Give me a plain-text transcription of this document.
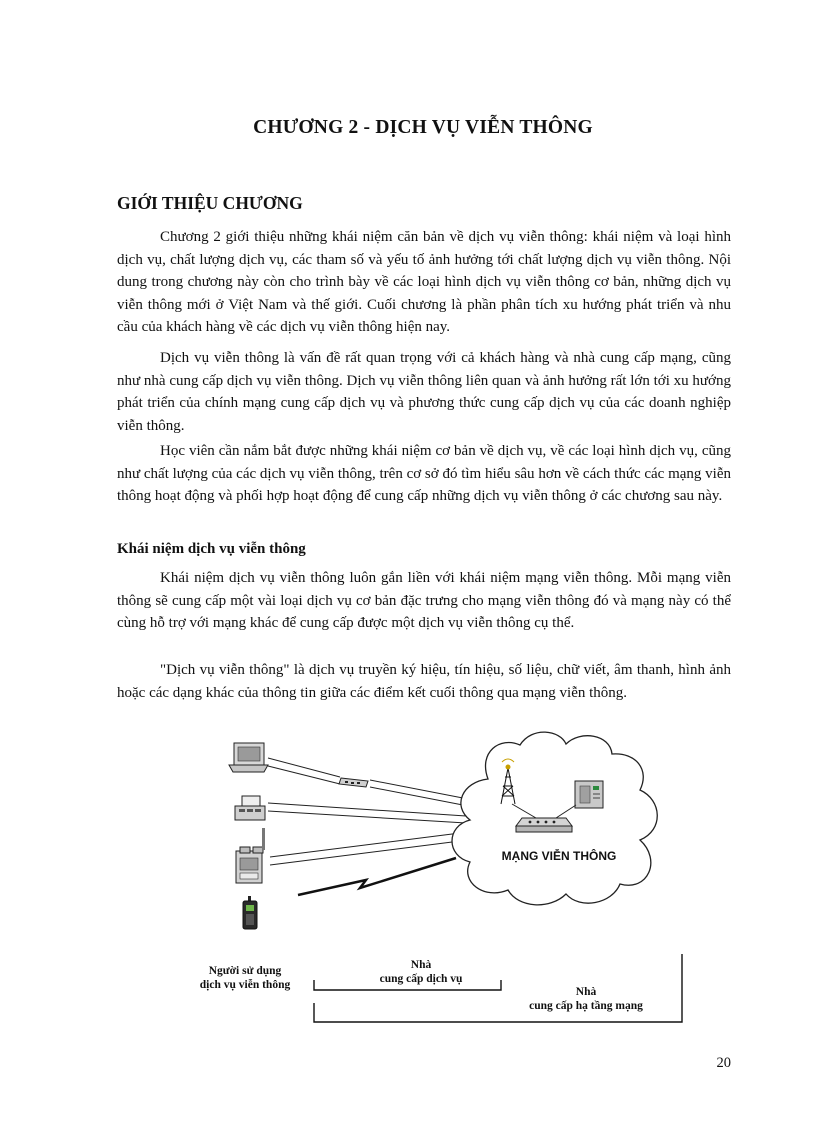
CHƯƠNG 2 - DỊCH VỤ VIỄN THÔNG
GIỚI THIỆU CHƯƠNG

Chương 2 giới thiệu những khái niệm căn bản về dịch vụ viễn thông: khái niệm và loại hình dịch vụ, chất lượng dịch vụ, các tham số và yếu tố ảnh hưởng tới chất lượng dịch vụ viễn thông. Nội dung trong chương này còn cho trình bày về các loại hình dịch vụ viễn thông cơ bản, những dịch vụ viễn thông mới ở Việt Nam và thế giới. Cuối chương là phần phân tích xu hướng phát triển và nhu cầu của khách hàng về các dịch vụ viễn thông hiện nay.

Dịch vụ viễn thông là vấn đề rất quan trọng với cả khách hàng và nhà cung cấp mạng, cũng như nhà cung cấp dịch vụ viễn thông. Dịch vụ viễn thông liên quan và ảnh hưởng rất lớn tới xu hướng phát triển của chính mạng cung cấp dịch vụ và phương thức cung cấp dịch vụ của các doanh nghiệp viễn thông.

Học viên cần nắm bắt được những khái niệm cơ bản về dịch vụ, về các loại hình dịch vụ, cũng như chất lượng của các dịch vụ viễn thông, trên cơ sở đó tìm hiểu sâu hơn về cách thức các mạng viễn thông hoạt động và phối hợp hoạt động để cung cấp những dịch vụ viễn thông ở các chương sau này.

Khái niệm dịch vụ viễn thông

Khái niệm dịch vụ viễn thông luôn gắn liền với khái niệm mạng viễn thông. Mỗi mạng viễn thông sẽ cung cấp một vài loại dịch vụ cơ bản đặc trưng cho mạng viễn thông đó và mạng này có thể cùng hỗ trợ với mạng khác để cung cấp được một dịch vụ viễn thông cụ thể.

"Dịch vụ viễn thông" là dịch vụ truyền ký hiệu, tín hiệu, số liệu, chữ viết, âm thanh, hình ảnh hoặc các dạng khác của thông tin giữa các điểm kết cuối thông qua mạng viễn thông.

MẠNG VIỄN THÔNG
Người sử dụng
dịch vụ viễn thông
Nhà
cung cấp dịch vụ
Nhà
cung cấp hạ tầng mạng
20
